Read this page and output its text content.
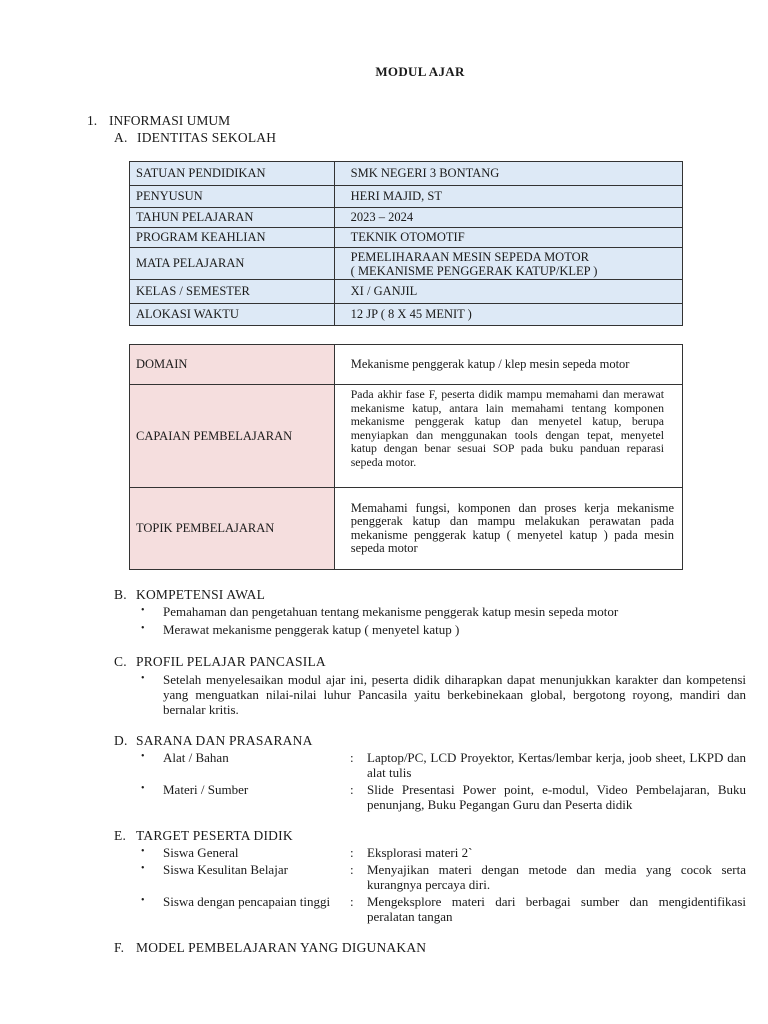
MODUL AJAR
1. INFORMASI UMUM
A. IDENTITAS SEKOLAH
SATUAN PENDIDIKAN	SMK NEGERI 3 BONTANG
PENYUSUN	HERI MAJID, ST
TAHUN PELAJARAN	2023 – 2024
PROGRAM KEAHLIAN	TEKNIK OTOMOTIF
MATA PELAJARAN	PEMELIHARAAN MESIN SEPEDA MOTOR
( MEKANISME PENGGERAK KATUP/KLEP )

KELAS / SEMESTER	XI / GANJIL
ALOKASI WAKTU	12 JP ( 8 X 45 MENIT )
DOMAIN	Mekanisme penggerak katup / klep mesin sepeda motor
CAPAIAN PEMBELAJARAN	Pada akhir fase F, peserta didik mampu memahami dan merawat mekanisme katup, antara lain memahami tentang komponen mekanisme penggerak katup dan menyetel katup, berupa menyiapkan dan menggunakan tools dengan tepat, menyetel katup dengan benar sesuai SOP pada buku panduan reparasi sepeda motor.
TOPIK PEMBELAJARAN	Memahami fungsi, komponen dan proses kerja mekanisme penggerak katup dan mampu melakukan perawatan pada mekanisme penggerak katup ( menyetel katup ) pada mesin sepeda motor
B. KOMPETENSI AWAL
• Pemahaman dan pengetahuan tentang mekanisme penggerak katup mesin sepeda motor
• Merawat mekanisme penggerak katup ( menyetel katup )
C. PROFIL PELAJAR PANCASILA
• Setelah menyelesaikan modul ajar ini, peserta didik diharapkan dapat menunjukkan karakter dan kompetensi yang menguatkan nilai-nilai luhur Pancasila yaitu berkebinekaan global, bergotong royong, mandiri dan bernalar kritis.
D. SARANA DAN PRASARANA
• Alat / Bahan	: Laptop/PC, LCD Proyektor, Kertas/lembar kerja, joob sheet, LKPD dan alat tulis
• Materi / Sumber	: Slide Presentasi Power point, e-modul, Video Pembelajaran, Buku penunjang, Buku Pegangan Guru dan Peserta didik
E. TARGET PESERTA DIDIK
• Siswa General	: Eksplorasi materi 2`
• Siswa Kesulitan Belajar	: Menyajikan materi dengan metode dan media yang cocok serta kurangnya percaya diri.
• Siswa dengan pencapaian tinggi : Mengeksplore materi dari berbagai sumber dan mengidentifikasi peralatan tangan
F. MODEL PEMBELAJARAN YANG DIGUNAKAN
